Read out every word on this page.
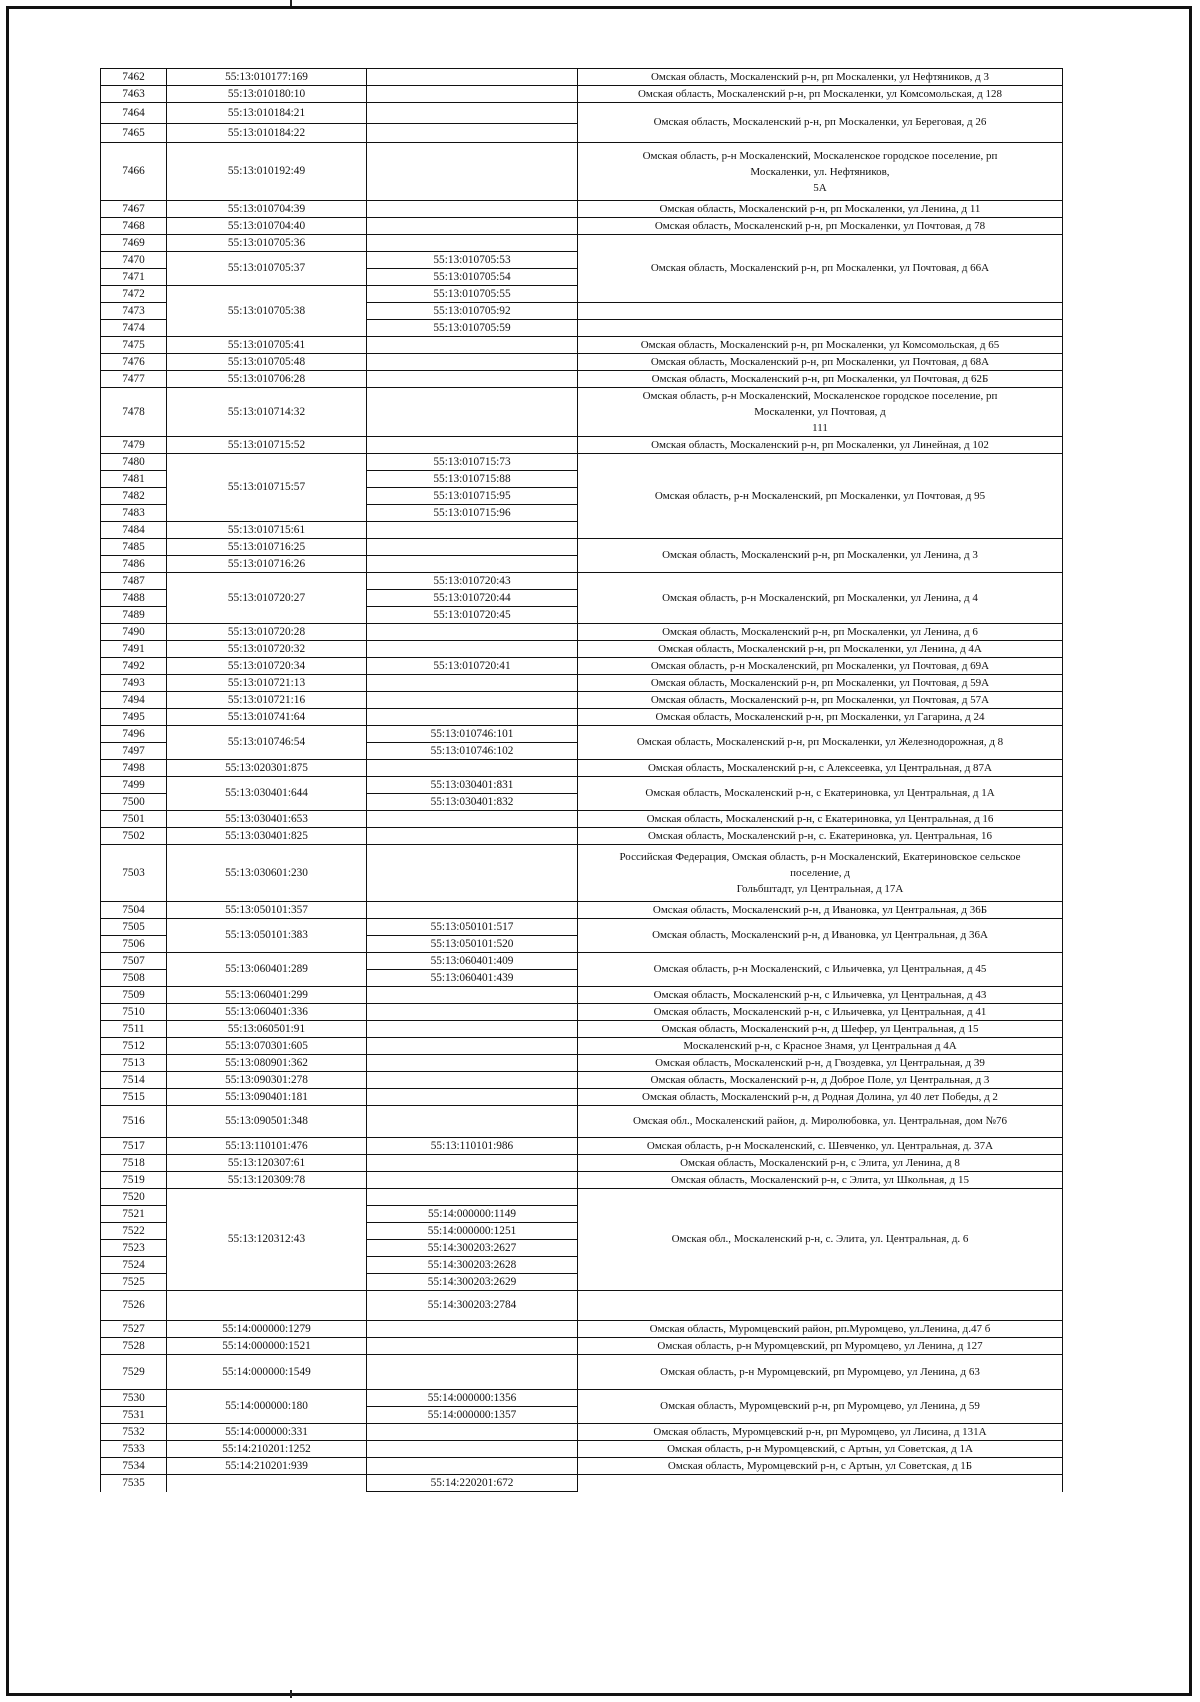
7462	55:13:010177:169		Омская область, Москаленский р-н, рп Москаленки, ул Нефтяников, д 3
7463	55:13:010180:10		Омская область, Москаленский р-н, рп Москаленки, ул Комсомольская, д 128
7464	55:13:010184:21		Омская область, Москаленский р-н, рп Москаленки, ул Береговая, д 26
7465	55:13:010184:22		
7466	55:13:010192:49		Омская область, р-н Москаленский, Москаленское городское поселение, рп
Москаленки, ул. Нефтяников,
5А

7467	55:13:010704:39		Омская область, Москаленский р-н, рп Москаленки, ул Ленина, д 11
7468	55:13:010704:40		Омская область, Москаленский р-н, рп Москаленки, ул Почтовая, д 78
7469	55:13:010705:36		Омская область, Москаленский р-н, рп Москаленки, ул Почтовая, д 66А
7470	55:13:010705:37	55:13:010705:53	
7471		55:13:010705:54	
7472	55:13:010705:38	55:13:010705:55	
7473		55:13:010705:92	
7474		55:13:010705:59	
7475	55:13:010705:41		Омская область, Москаленский р-н, рп Москаленки, ул Комсомольская, д 65
7476	55:13:010705:48		Омская область, Москаленский р-н, рп Москаленки, ул Почтовая, д 68А
7477	55:13:010706:28		Омская область, Москаленский р-н, рп Москаленки, ул Почтовая, д 62Б
7478	55:13:010714:32		Омская область, р-н Москаленский, Москаленское городское поселение, рп
Москаленки, ул Почтовая, д
111

7479	55:13:010715:52		Омская область, Москаленский р-н, рп Москаленки, ул Линейная, д 102
7480	55:13:010715:57	55:13:010715:73	Омская область, р-н Москаленский, рп Москаленки, ул Почтовая, д 95
7481		55:13:010715:88	
7482		55:13:010715:95	
7483		55:13:010715:96	
7484	55:13:010715:61		
7485	55:13:010716:25		Омская область, Москаленский р-н, рп Москаленки, ул Ленина, д 3
7486	55:13:010716:26		
7487	55:13:010720:27	55:13:010720:43	Омская область, р-н Москаленский, рп Москаленки, ул Ленина, д 4
7488		55:13:010720:44	
7489		55:13:010720:45	
7490	55:13:010720:28		Омская область, Москаленский р-н, рп Москаленки, ул Ленина, д 6
7491	55:13:010720:32		Омская область, Москаленский р-н, рп Москаленки, ул Ленина, д 4А
7492	55:13:010720:34	55:13:010720:41	Омская область, р-н Москаленский, рп Москаленки, ул Почтовая, д 69А
7493	55:13:010721:13		Омская область, Москаленский р-н, рп Москаленки, ул Почтовая, д 59А
7494	55:13:010721:16		Омская область, Москаленский р-н, рп Москаленки, ул Почтовая, д 57А
7495	55:13:010741:64		Омская область, Москаленский р-н, рп Москаленки, ул Гагарина, д 24
7496	55:13:010746:54	55:13:010746:101	Омская область, Москаленский р-н, рп Москаленки, ул Железнодорожная, д 8
7497		55:13:010746:102	
7498	55:13:020301:875		Омская область, Москаленский р-н, с Алексеевка, ул Центральная, д 87А
7499	55:13:030401:644	55:13:030401:831	Омская область, Москаленский р-н, с Екатериновка, ул Центральная, д 1А
7500		55:13:030401:832	
7501	55:13:030401:653		Омская область, Москаленский р-н, с Екатериновка, ул Центральная, д 16
7502	55:13:030401:825		Омская область, Москаленский р-н, с. Екатериновка, ул. Центральная, 16
7503	55:13:030601:230		Российская Федерация, Омская область, р-н Москаленский, Екатериновское сельское
поселение, д
Гольбштадт, ул Центральная, д 17А

7504	55:13:050101:357		Омская область, Москаленский р-н, д Ивановка, ул Центральная, д 36Б
7505	55:13:050101:383	55:13:050101:517	Омская область, Москаленский р-н, д Ивановка, ул Центральная, д 36А
7506		55:13:050101:520	
7507	55:13:060401:289	55:13:060401:409	Омская область, р-н Москаленский, с Ильичевка, ул Центральная, д 45
7508		55:13:060401:439	
7509	55:13:060401:299		Омская область, Москаленский р-н, с Ильичевка, ул Центральная, д 43
7510	55:13:060401:336		Омская область, Москаленский р-н, с Ильичевка, ул Центральная, д 41
7511	55:13:060501:91		Омская область, Москаленский р-н, д Шефер, ул Центральная, д 15
7512	55:13:070301:605		Москаленский р-н, с Красное Знамя, ул Центральная д 4А
7513	55:13:080901:362		Омская область, Москаленский р-н, д Гвоздевка, ул Центральная, д 39
7514	55:13:090301:278		Омская область, Москаленский р-н, д Доброе Поле, ул Центральная, д 3
7515	55:13:090401:181		Омская область, Москаленский р-н, д Родная Долина, ул 40 лет Победы, д 2
7516	55:13:090501:348		Омская обл., Москаленский район, д. Миролюбовка, ул. Центральная, дом №76
7517	55:13:110101:476	55:13:110101:986	Омская область, р-н Москаленский, с. Шевченко, ул. Центральная, д. 37А
7518	55:13:120307:61		Омская область, Москаленский р-н, с Элита, ул Ленина, д 8
7519	55:13:120309:78		Омская область, Москаленский р-н, с Элита, ул Школьная, д 15
7520	55:13:120312:43		Омская обл., Москаленский р-н, с. Элита, ул. Центральная, д. 6
7521		55:14:000000:1149	
7522		55:14:000000:1251	
7523		55:14:300203:2627	
7524		55:14:300203:2628	
7525		55:14:300203:2629	
7526		55:14:300203:2784	
7527	55:14:000000:1279		Омская область, Муромцевский район, рп.Муромцево, ул.Ленина, д.47 б
7528	55:14:000000:1521		Омская область, р-н Муромцевский, рп Муромцево, ул Ленина, д 127
7529	55:14:000000:1549		Омская область, р-н Муромцевский, рп Муромцево, ул Ленина, д 63
7530	55:14:000000:180	55:14:000000:1356	Омская область, Муромцевский р-н, рп Муромцево, ул Ленина, д 59
7531		55:14:000000:1357	
7532	55:14:000000:331		Омская область, Муромцевский р-н, рп Муромцево, ул Лисина, д 131А
7533	55:14:210201:1252		Омская область, р-н Муромцевский, с Артын, ул Советская, д 1А
7534	55:14:210201:939		Омская область, Муромцевский р-н, с Артын, ул Советская, д 1Б
7535		55:14:220201:672	
